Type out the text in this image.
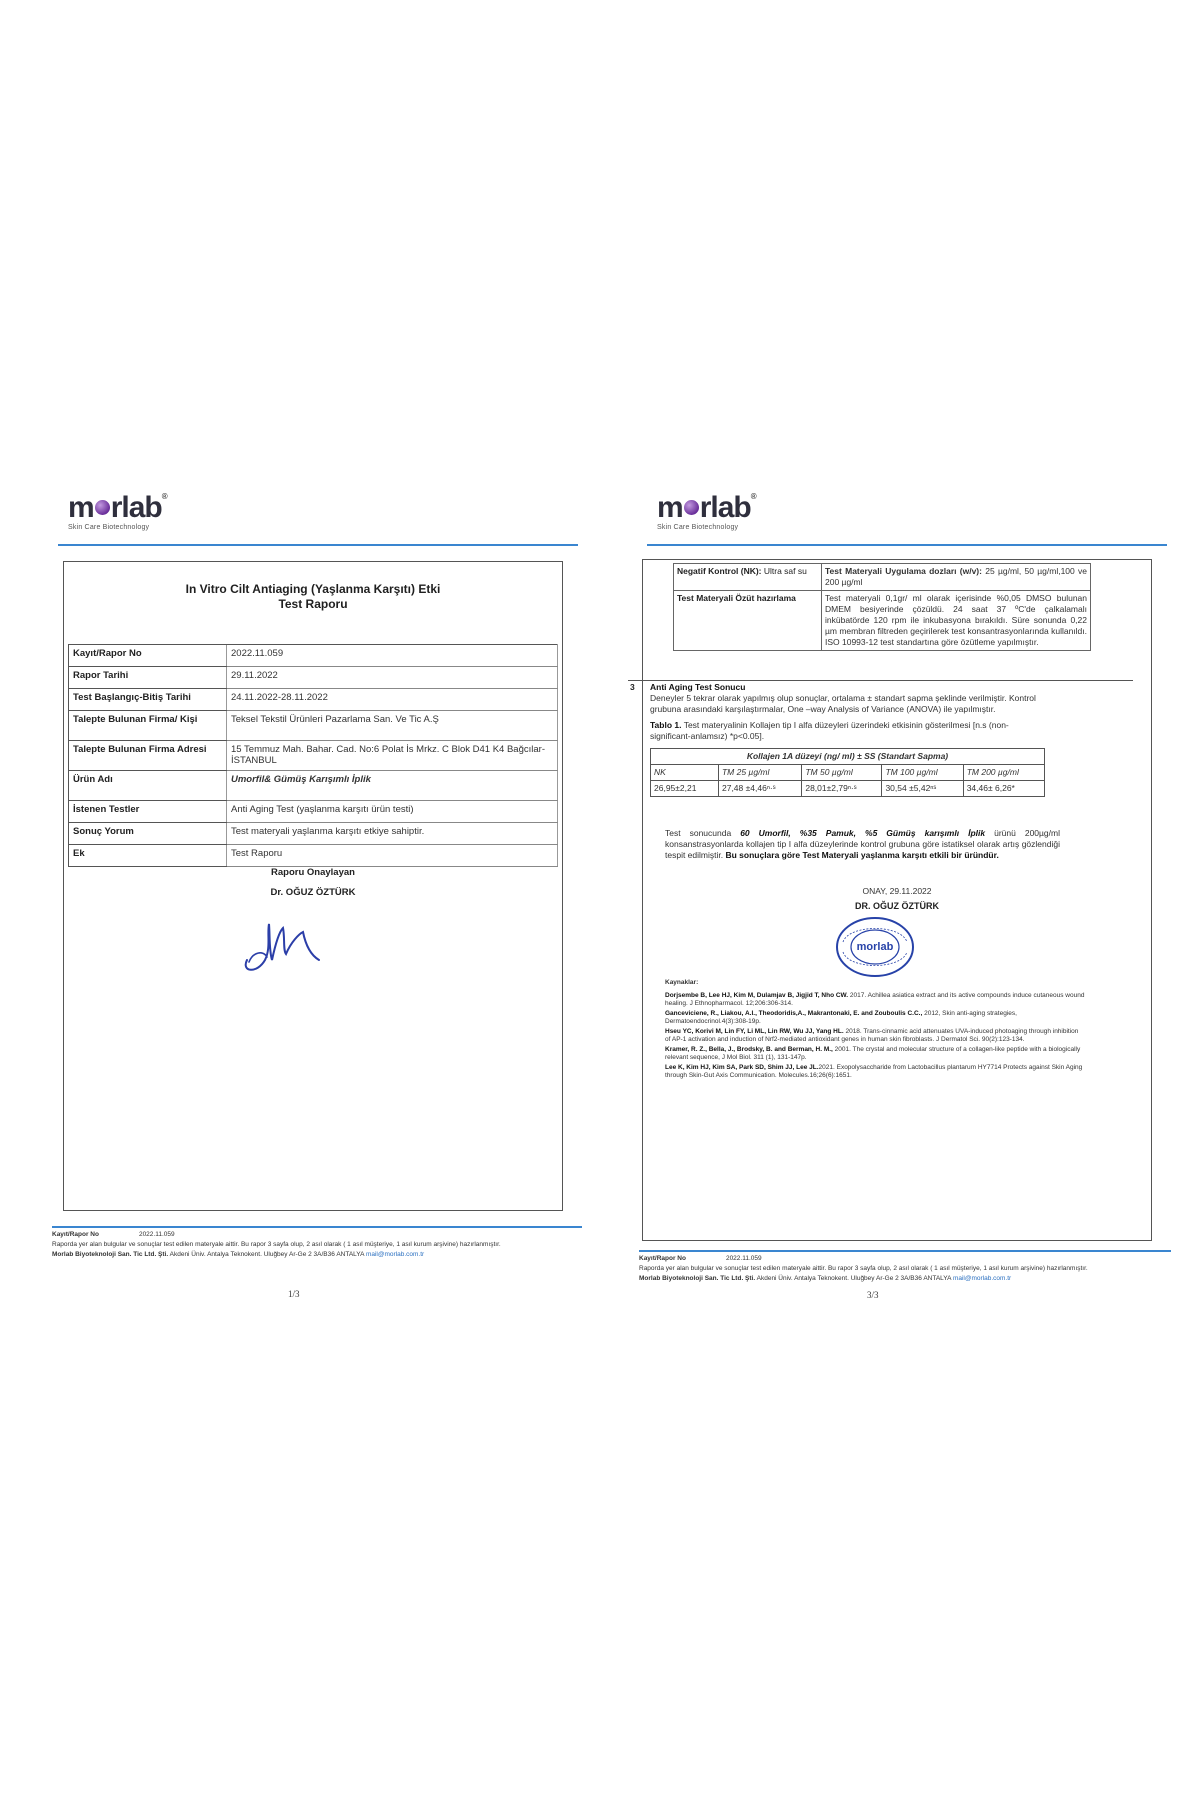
m rlab®
Skin Care Biotechnology
In Vitro Cilt Antiaging (Yaşlanma Karşıtı) Etki
Test Raporu
Kayıt/Rapor No	2022.11.059
Rapor Tarihi	29.11.2022
Test Başlangıç-Bitiş Tarihi	24.11.2022-28.11.2022
Talepte Bulunan Firma/ Kişi	Teksel Tekstil Ürünleri Pazarlama San. Ve Tic A.Ş
Talepte Bulunan Firma Adresi	15 Temmuz Mah. Bahar. Cad. No:6 Polat İs Mrkz. C Blok D41 K4 Bağcılar-İSTANBUL
Ürün Adı	Umorfil& Gümüş Karışımlı İplik
İstenen Testler	Anti Aging Test (yaşlanma karşıtı ürün testi)
Sonuç Yorum	Test materyali yaşlanma karşıtı etkiye sahiptir.
Ek	Test Raporu
Raporu Onaylayan
Dr. OĞUZ ÖZTÜRK
Kayıt/Rapor No	2022.11.059
Raporda yer alan bulgular ve sonuçlar test edilen materyale aittir. Bu rapor 3 sayfa olup, 2 asıl olarak ( 1 asıl müşteriye, 1 asıl kurum arşivine) hazırlanmıştır.
Morlab Biyoteknoloji San. Tic Ltd. Şti. Akdeni Üniv. Antalya Teknokent. Uluğbey Ar-Ge 2 3A/B36 ANTALYA mail@morlab.com.tr
1/3
m rlab®
Skin Care Biotechnology
Negatif Kontrol (NK): Ultra saf su	Test Materyali Uygulama dozları (w/v): 25 µg/ml, 50 µg/ml,100 ve 200 µg/ml
Test Materyali Özüt hazırlama	Test materyali 0,1gr/ ml olarak içerisinde %0,05 DMSO bulunan DMEM besiyerinde çözüldü. 24 saat 37 ºC'de çalkalamalı inkübatörde 120 rpm ile inkubasyona bırakıldı. Süre sonunda 0,22 µm membran filtreden geçirilerek test konsantrasyonlarında kullanıldı. ISO 10993-12 test standartına göre özütleme yapılmıştır.
3 Anti Aging Test Sonucu
Deneyler 5 tekrar olarak yapılmış olup sonuçlar, ortalama ± standart sapma şeklinde verilmiştir. Kontrol grubuna arasındaki karşılaştırmalar, One –way Analysis of Variance (ANOVA) ile yapılmıştır.
Tablo 1. Test materyalinin Kollajen tip I alfa düzeyleri üzerindeki etkisinin gösterilmesi [n.s (non-significant-anlamsız) *p<0.05].
Kollajen 1A düzeyi (ng/ ml) ± SS (Standart Sapma)				
NK	TM 25 µg/ml	TM 50 µg/ml	TM 100 µg/ml	TM 200 µg/ml
26,95±2,21	27,48 ±4,46ⁿ·ˢ	28,01±2,79ⁿ·ˢ	30,54 ±5,42ⁿˢ	34,46± 6,26*
Test sonucunda 60 Umorfil, %35 Pamuk, %5 Gümüş karışımlı İplik ürünü 200µg/ml konsanstrasyonlarda kollajen tip I alfa düzeylerinde kontrol grubuna göre istatiksel olarak artış gözlendiği tespit edilmiştir. Bu sonuçlara göre Test Materyali yaşlanma karşıtı etkili bir üründür.
ONAY, 29.11.2022
DR. OĞUZ ÖZTÜRK
morlab
Kaynaklar:

Dorjsembe B, Lee HJ, Kim M, Dulamjav B, Jigjid T, Nho CW. 2017. Achillea asiatica extract and its active compounds induce cutaneous wound healing. J Ethnopharmacol. 12;206:306-314.

Ganceviciene, R., Liakou, A.I., Theodoridis,A., Makrantonaki, E. and Zouboulis C.C., 2012, Skin anti-aging strategies, Dermatoendocrinol.4(3):308-19p.

Hseu YC, Korivi M, Lin FY, Li ML, Lin RW, Wu JJ, Yang HL. 2018. Trans-cinnamic acid attenuates UVA-induced photoaging through inhibition of AP-1 activation and induction of Nrf2-mediated antioxidant genes in human skin fibroblasts. J Dermatol Sci. 90(2):123-134.

Kramer, R. Z., Bella, J., Brodsky, B. and Berman, H. M., 2001. The crystal and molecular structure of a collagen-like peptide with a biologically relevant sequence, J Mol Biol. 311 (1), 131-147p.

Lee K, Kim HJ, Kim SA, Park SD, Shim JJ, Lee JL.2021. Exopolysaccharide from Lactobacillus plantarum HY7714 Protects against Skin Aging through Skin-Gut Axis Communication. Molecules.16;26(6):1651.

Kayıt/Rapor No	2022.11.059
Raporda yer alan bulgular ve sonuçlar test edilen materyale aittir. Bu rapor 3 sayfa olup, 2 asıl olarak ( 1 asıl müşteriye, 1 asıl kurum arşivine) hazırlanmıştır.
Morlab Biyoteknoloji San. Tic Ltd. Şti. Akdeni Üniv. Antalya Teknokent. Uluğbey Ar-Ge 2 3A/B36 ANTALYA mail@morlab.com.tr
3/3
